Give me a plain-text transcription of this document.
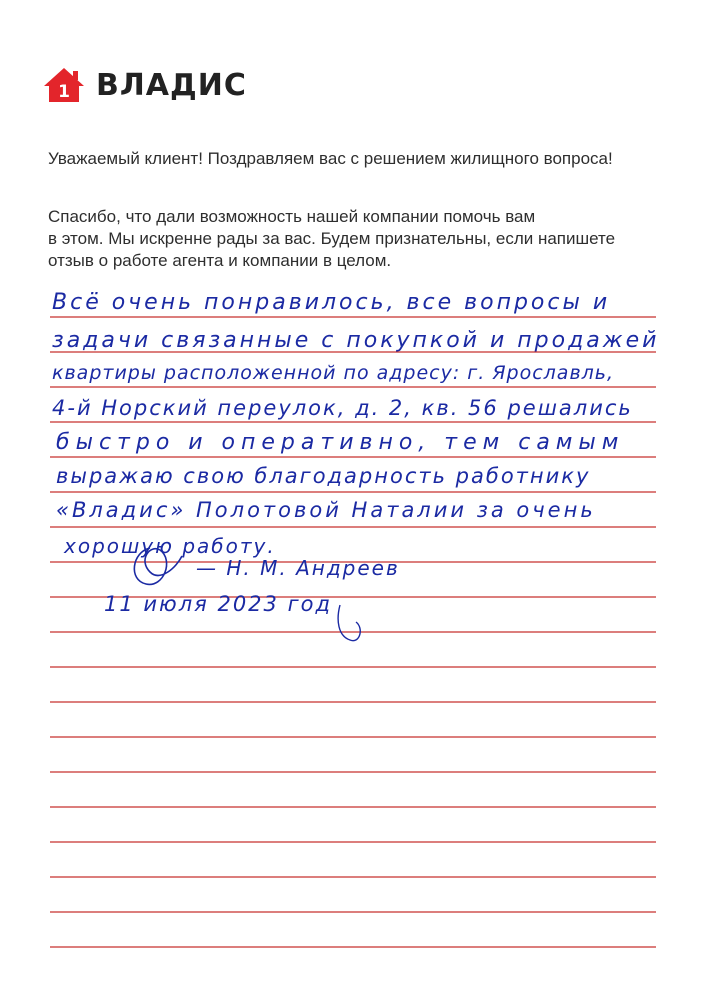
1 ВЛАДИС
Уважаемый клиент! Поздравляем вас с решением жилищного вопроса!
Спасибо, что дали возможность нашей компании помочь вам
в этом. Мы искренне рады за вас. Будем признательны, если напишете
отзыв о работе агента и компании в целом.
Всё очень понравилось, все вопросы и
задачи связанные с покупкой и продажей
квартиры расположенной по адресу: г. Ярославль,
4-й Норский переулок, д. 2, кв. 56 решались
быстро и оперативно, тем самым
выражаю свою благодарность работнику
«Владис» Полотовой Наталии за очень
хорошую работу.
— Н. М. Андреев
11 июля 2023 год
